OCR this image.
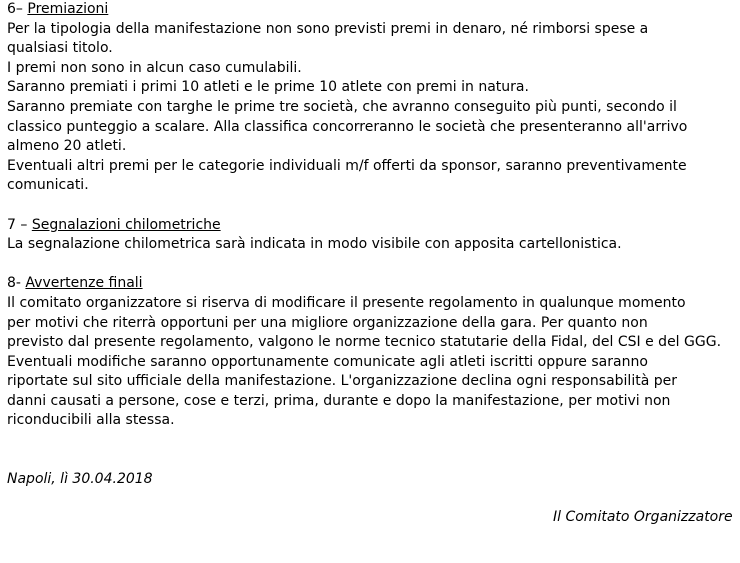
6– Premiazioni
Per la tipologia della manifestazione non sono previsti premi in denaro, né rimborsi spese a
qualsiasi titolo.
I premi non sono in alcun caso cumulabili.
Saranno premiati i primi 10 atleti e le prime 10 atlete con premi in natura.
Saranno premiate con targhe le prime tre società, che avranno conseguito più punti, secondo il
classico punteggio a scalare. Alla classifica concorreranno le società che presenteranno all'arrivo
almeno 20 atleti.
Eventuali altri premi per le categorie individuali m/f offerti da sponsor, saranno preventivamente
comunicati.
7 – Segnalazioni chilometriche
La segnalazione chilometrica sarà indicata in modo visibile con apposita cartellonistica.
8- Avvertenze finali
Il comitato organizzatore si riserva di modificare il presente regolamento in qualunque momento
per motivi che riterrà opportuni per una migliore organizzazione della gara. Per quanto non
previsto dal presente regolamento, valgono le norme tecnico statutarie della Fidal, del CSI e del GGG.
Eventuali modifiche saranno opportunamente comunicate agli atleti iscritti oppure saranno
riportate sul sito ufficiale della manifestazione. L'organizzazione declina ogni responsabilità per
danni causati a persone, cose e terzi, prima, durante e dopo la manifestazione, per motivi non
riconducibili alla stessa.
Napoli, lì 30.04.2018
Il Comitato Organizzatore
